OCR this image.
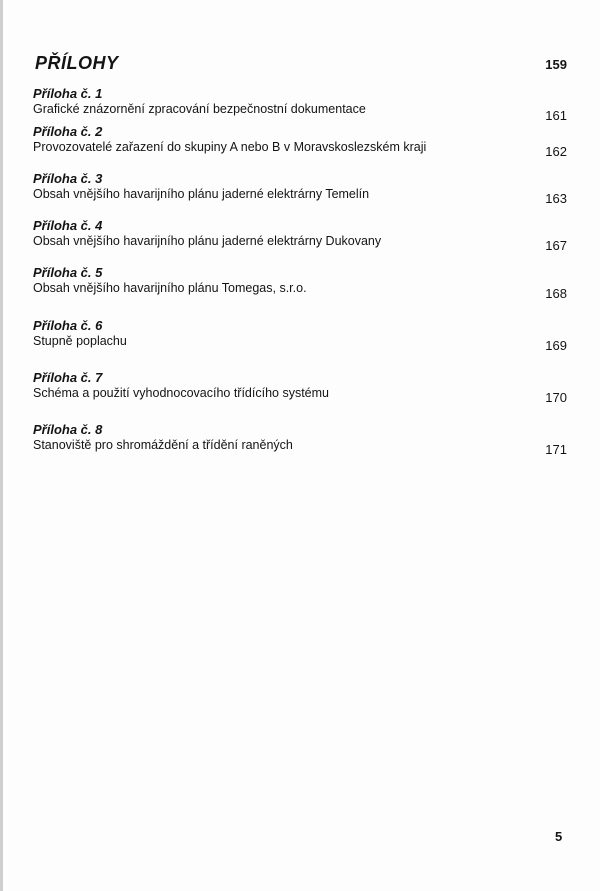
PŘÍLOHY	159
Příloha č. 1
Grafické znázornění zpracování bezpečnostní dokumentace	161
Příloha č. 2
Provozovatelé zařazení do skupiny A nebo B v Moravskoslezském kraji	162
Příloha č. 3
Obsah vnějšího havarijního plánu jaderné elektrárny Temelín	163
Příloha č. 4
Obsah vnějšího havarijního plánu jaderné elektrárny Dukovany	167
Příloha č. 5
Obsah vnějšího havarijního plánu Tomegas, s.r.o.	168
Příloha č. 6
Stupně poplachu	169
Příloha č. 7
Schéma a použití vyhodnocovacího třídícího systému	170
Příloha č. 8
Stanoviště pro shromáždění a třídění raněných	171
5
